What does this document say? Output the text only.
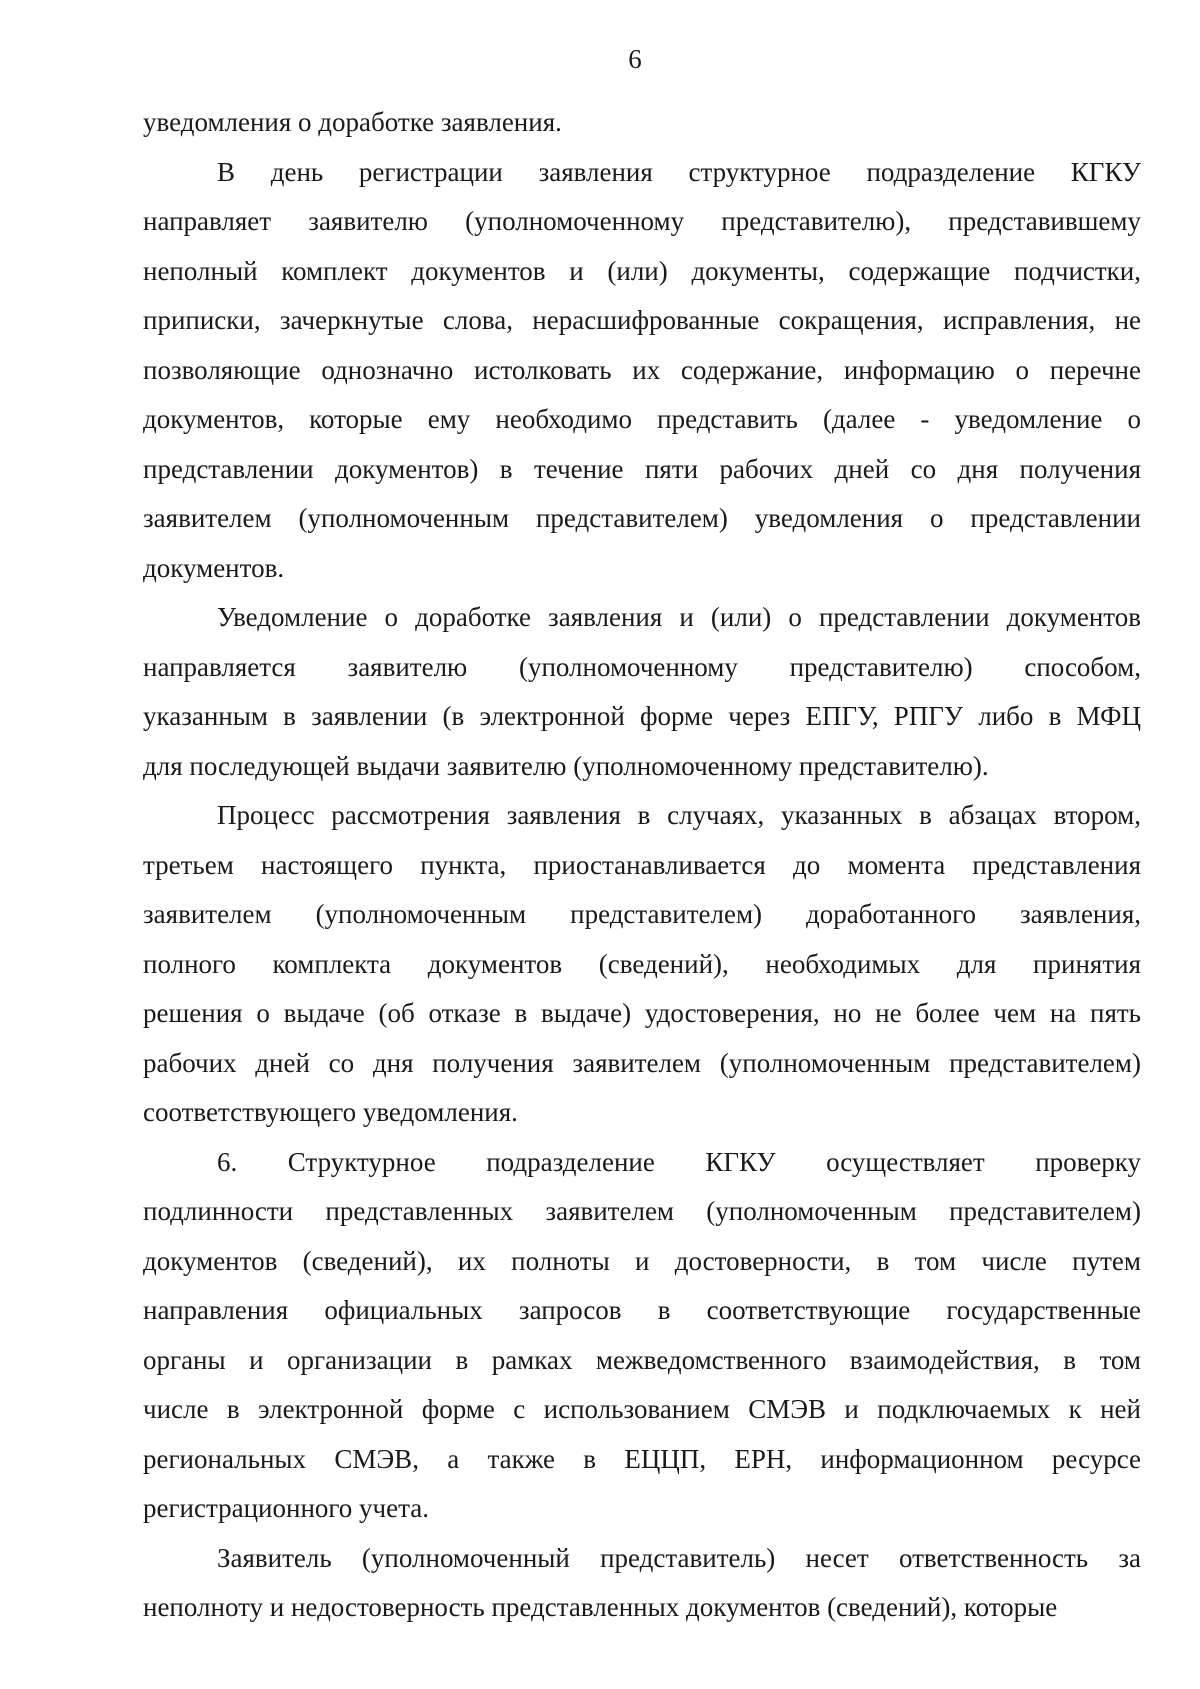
6
уведомления о доработке заявления.
В день регистрации заявления структурное подразделение КГКУ
направляет заявителю (уполномоченному представителю), представившему
неполный комплект документов и (или) документы, содержащие подчистки,
приписки, зачеркнутые слова, нерасшифрованные сокращения, исправления, не
позволяющие однозначно истолковать их содержание, информацию о перечне
документов, которые ему необходимо представить (далее - уведомление о
представлении документов) в течение пяти рабочих дней со дня получения
заявителем (уполномоченным представителем) уведомления о представлении
документов.
Уведомление о доработке заявления и (или) о представлении документов
направляется заявителю (уполномоченному представителю) способом,
указанным в заявлении (в электронной форме через ЕПГУ, РПГУ либо в МФЦ
для последующей выдачи заявителю (уполномоченному представителю).
Процесс рассмотрения заявления в случаях, указанных в абзацах втором,
третьем настоящего пункта, приостанавливается до момента представления
заявителем (уполномоченным представителем) доработанного заявления,
полного комплекта документов (сведений), необходимых для принятия
решения о выдаче (об отказе в выдаче) удостоверения, но не более чем на пять
рабочих дней со дня получения заявителем (уполномоченным представителем)
соответствующего уведомления.
6. Структурное подразделение КГКУ осуществляет проверку
подлинности представленных заявителем (уполномоченным представителем)
документов (сведений), их полноты и достоверности, в том числе путем
направления официальных запросов в соответствующие государственные
органы и организации в рамках межведомственного взаимодействия, в том
числе в электронной форме с использованием СМЭВ и подключаемых к ней
региональных СМЭВ, а также в ЕЦЦП, ЕРН, информационном ресурсе
регистрационного учета.
Заявитель (уполномоченный представитель) несет ответственность за
неполноту и недостоверность представленных документов (сведений), которые
